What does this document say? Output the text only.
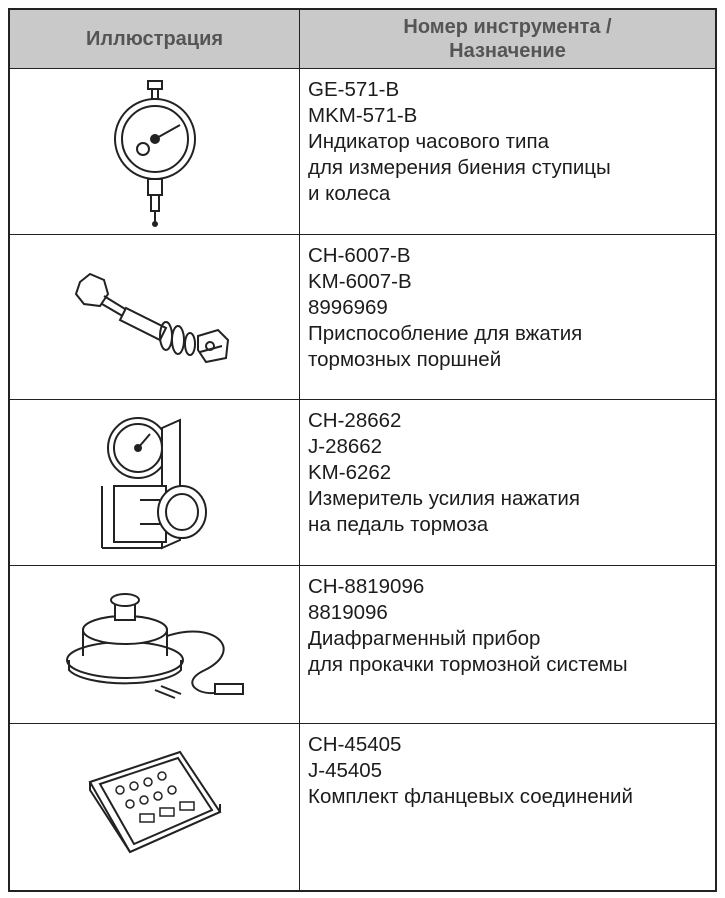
Иллюстрация
Номер инструмента /
Назначение
GE-571-B
MKM-571-B
Индикатор часового типа
для измерения биения ступицы
и колеса
CH-6007-B
KM-6007-B
8996969
Приспособление для вжатия
тормозных поршней
CH-28662
J-28662
KM-6262
Измеритель усилия нажатия
на педаль тормоза
CH-8819096
8819096
Диафрагменный прибор
для прокачки тормозной системы
CH-45405
J-45405
Комплект фланцевых соединений
